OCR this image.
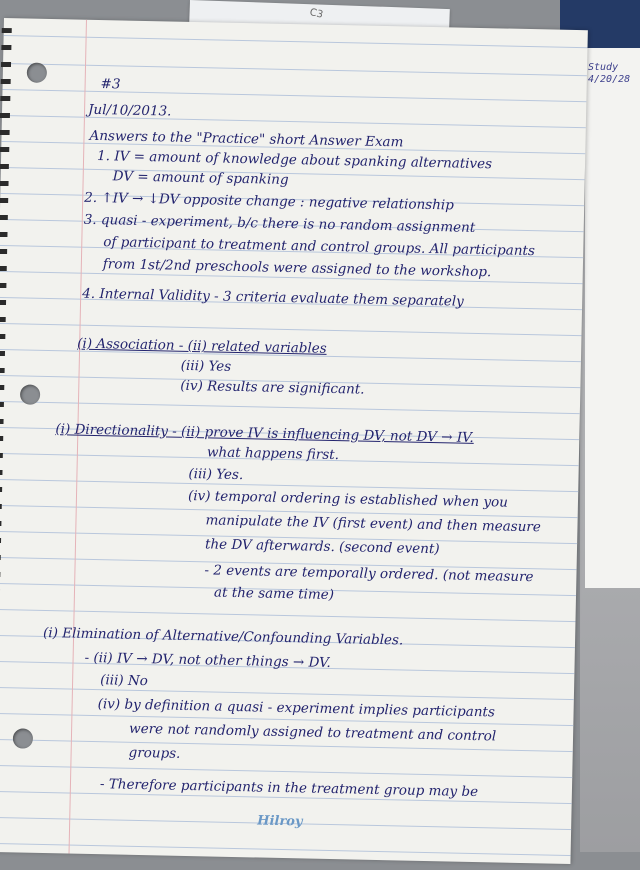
C3
Study
4/20/28
#3
Jul/10/2013.
Answers to the "Practice" short Answer Exam
1. IV = amount of knowledge about spanking alternatives
DV = amount of spanking
2. ↑IV → ↓DV opposite change : negative relationship
3. quasi - experiment, b/c there is no random assignment
of participant to treatment and control groups. All participants
from 1st/2nd preschools were assigned to the workshop.
4. Internal Validity - 3 criteria evaluate them separately
(i) Association - (ii) related variables
(iii) Yes
(iv) Results are significant.
(i) Directionality - (ii) prove IV is influencing DV, not DV → IV.
what happens first.
(iii) Yes.
(iv) temporal ordering is established when you
manipulate the IV (first event) and then measure
the DV afterwards. (second event)
- 2 events are temporally ordered. (not measure
at the same time)
(i) Elimination of Alternative/Confounding Variables.
- (ii) IV → DV, not other things → DV.
(iii) No
(iv) by definition a quasi - experiment implies participants
were not randomly assigned to treatment and control
groups.
- Therefore participants in the treatment group may be
Hilroy
